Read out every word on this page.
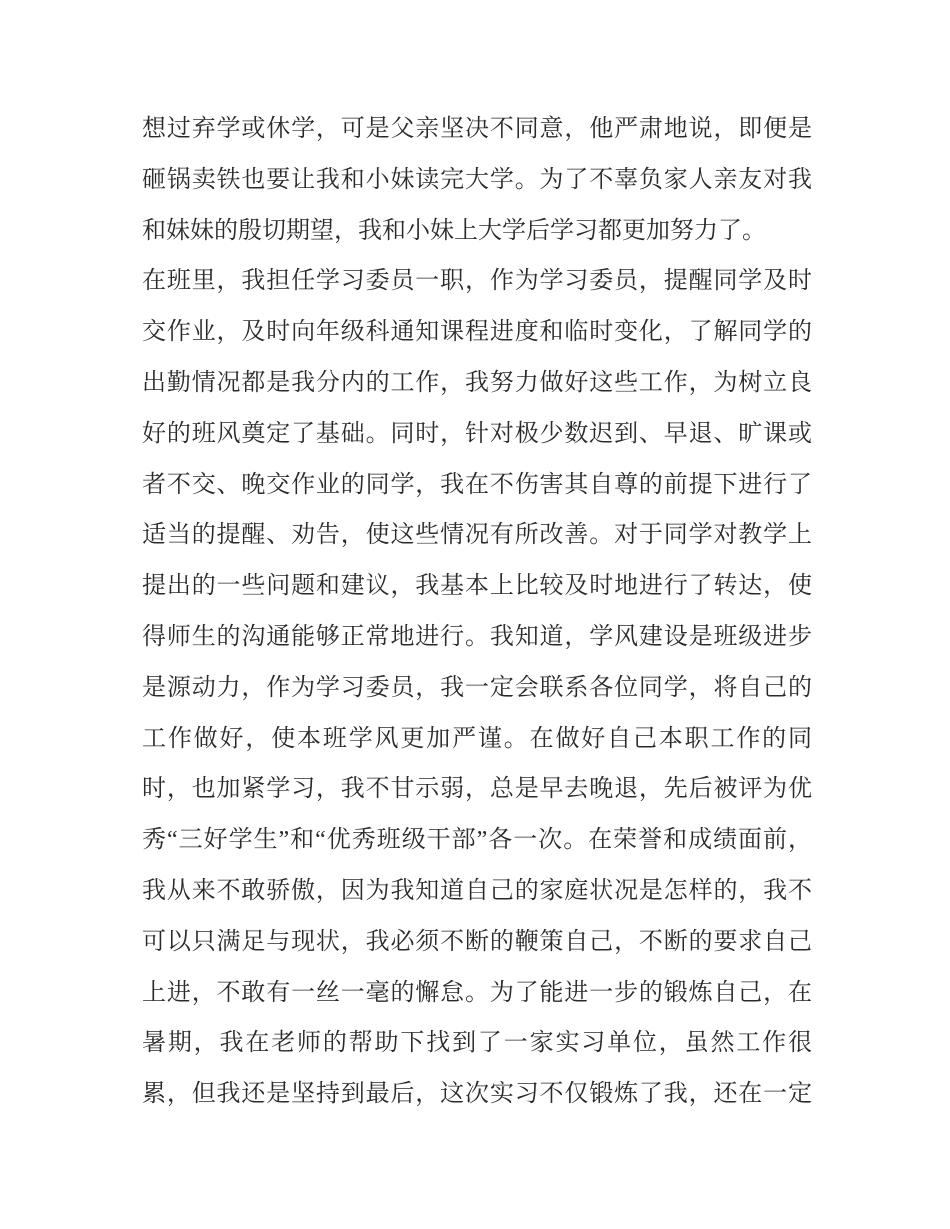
想过弃学或休学，可是父亲坚决不同意，他严肃地说，即便是
砸锅卖铁也要让我和小妹读完大学。为了不辜负家人亲友对我
和妹妹的殷切期望，我和小妹上大学后学习都更加努力了。
在班里，我担任学习委员一职，作为学习委员，提醒同学及时
交作业，及时向年级科通知课程进度和临时变化，了解同学的
出勤情况都是我分内的工作，我努力做好这些工作，为树立良
好的班风奠定了基础。同时，针对极少数迟到、早退、旷课或
者不交、晚交作业的同学，我在不伤害其自尊的前提下进行了
适当的提醒、劝告，使这些情况有所改善。对于同学对教学上
提出的一些问题和建议，我基本上比较及时地进行了转达，使
得师生的沟通能够正常地进行。我知道，学风建设是班级进步
是源动力，作为学习委员，我一定会联系各位同学，将自己的
工作做好，使本班学风更加严谨。在做好自己本职工作的同
时，也加紧学习，我不甘示弱，总是早去晚退，先后被评为优
秀“三好学生”和“优秀班级干部”各一次。在荣誉和成绩面前，
我从来不敢骄傲，因为我知道自己的家庭状况是怎样的，我不
可以只满足与现状，我必须不断的鞭策自己，不断的要求自己
上进，不敢有一丝一毫的懈怠。为了能进一步的锻炼自己，在
暑期，我在老师的帮助下找到了一家实习单位，虽然工作很
累，但我还是坚持到最后，这次实习不仅锻炼了我，还在一定
